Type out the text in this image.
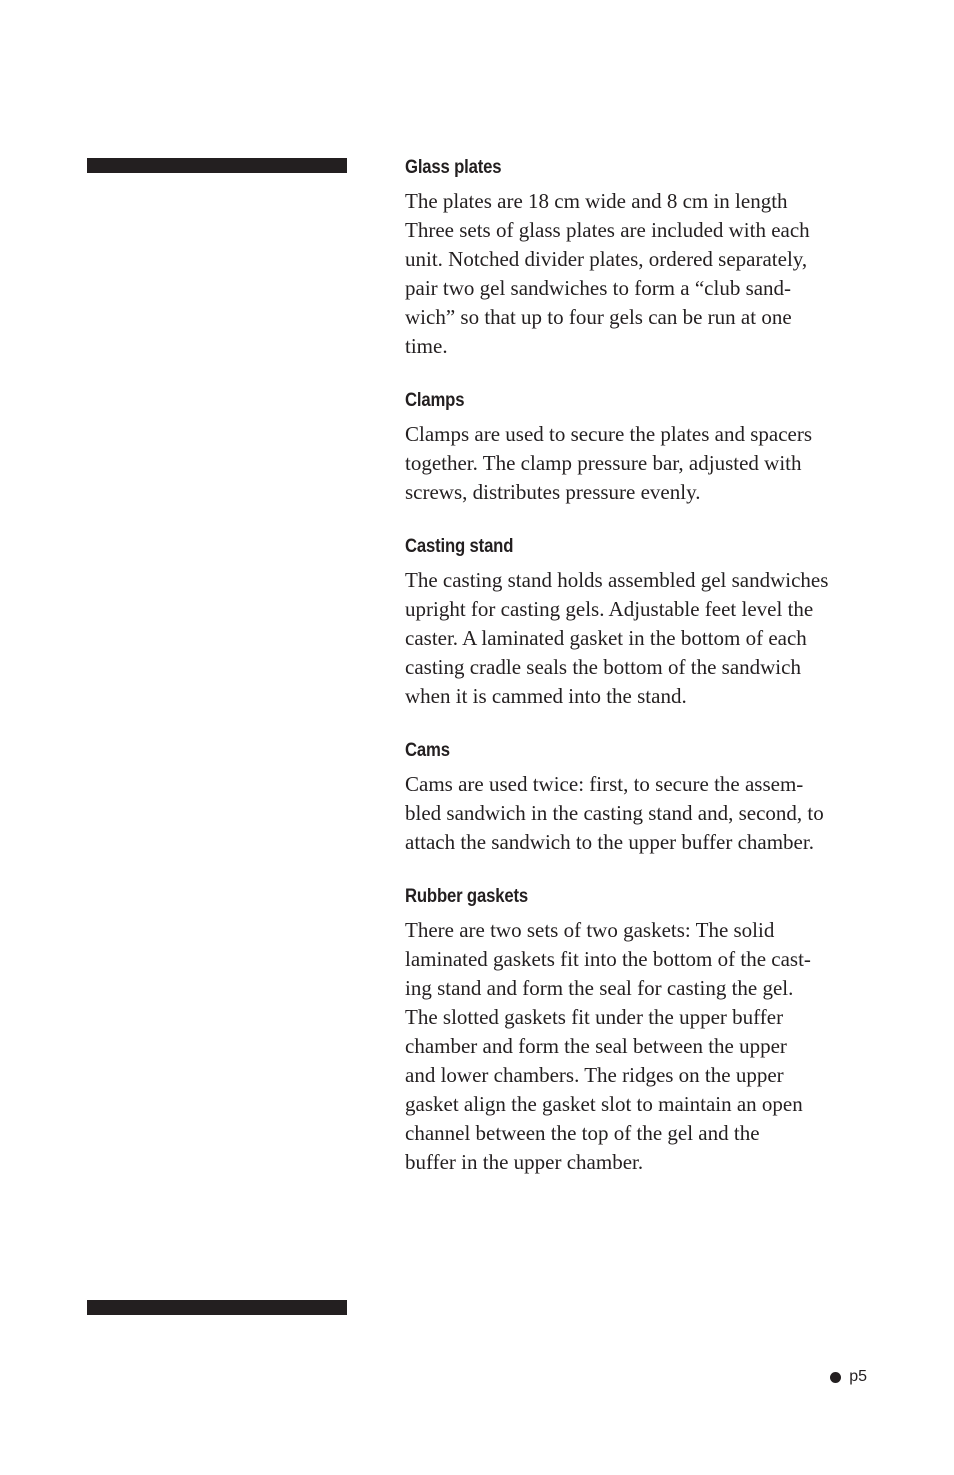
Glass plates

The plates are 18 cm wide and 8 cm in length
Three sets of glass plates are included with each
unit. Notched divider plates, ordered separately,
pair two gel sandwiches to form a “club sand-
wich” so that up to four gels can be run at one
time.

Clamps

Clamps are used to secure the plates and spacers
together. The clamp pressure bar, adjusted with
screws, distributes pressure evenly.

Casting stand

The casting stand holds assembled gel sandwiches
upright for casting gels. Adjustable feet level the
caster. A laminated gasket in the bottom of each
casting cradle seals the bottom of the sandwich
when it is cammed into the stand.

Cams

Cams are used twice: first, to secure the assem-
bled sandwich in the casting stand and, second, to
attach the sandwich to the upper buffer chamber.

Rubber gaskets

There are two sets of two gaskets: The solid
laminated gaskets fit into the bottom of the cast-
ing stand and form the seal for casting the gel.
The slotted gaskets fit under the upper buffer
chamber and form the seal between the upper
and lower chambers. The ridges on the upper
gasket align the gasket slot to maintain an open
channel between the top of the gel and the
buffer in the upper chamber.

p5
